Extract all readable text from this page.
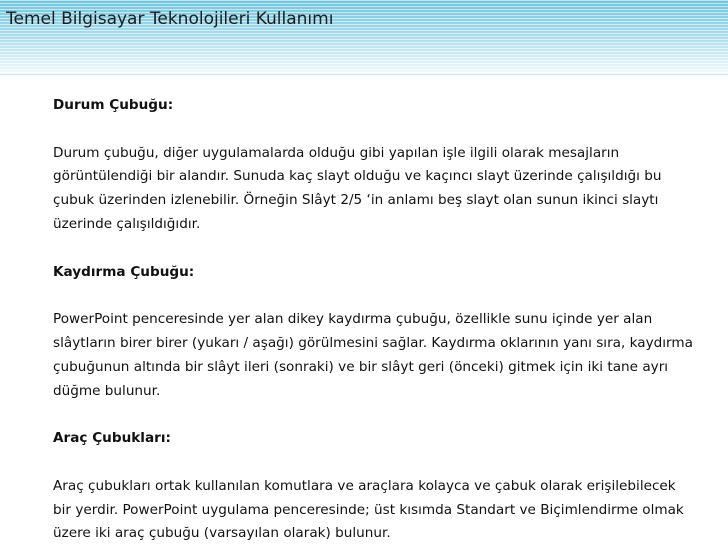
Temel Bilgisayar Teknolojileri Kullanımı

Durum Çubuğu:

Durum çubuğu, diğer uygulamalarda olduğu gibi yapılan işle ilgili olarak mesajların görüntülendiği bir alandır. Sunuda kaç slayt olduğu ve kaçıncı slayt üzerinde çalışıldığı bu çubuk üzerinden izlenebilir. Örneğin Slâyt 2/5 ‘in anlamı beş slayt olan sunun ikinci slaytı üzerinde çalışıldığıdır.

Kaydırma Çubuğu:

PowerPoint penceresinde yer alan dikey kaydırma çubuğu, özellikle sunu içinde yer alan slâytların birer birer (yukarı / aşağı) görülmesini sağlar. Kaydırma oklarının yanı sıra, kaydırma çubuğunun altında bir slâyt ileri (sonraki) ve bir slâyt geri (önceki) gitmek için iki tane ayrı düğme bulunur.

Araç Çubukları:

Araç çubukları ortak kullanılan komutlara ve araçlara kolayca ve çabuk olarak erişilebilecek bir yerdir. PowerPoint uygulama penceresinde; üst kısımda Standart ve Biçimlendirme olmak üzere iki araç çubuğu (varsayılan olarak) bulunur.
